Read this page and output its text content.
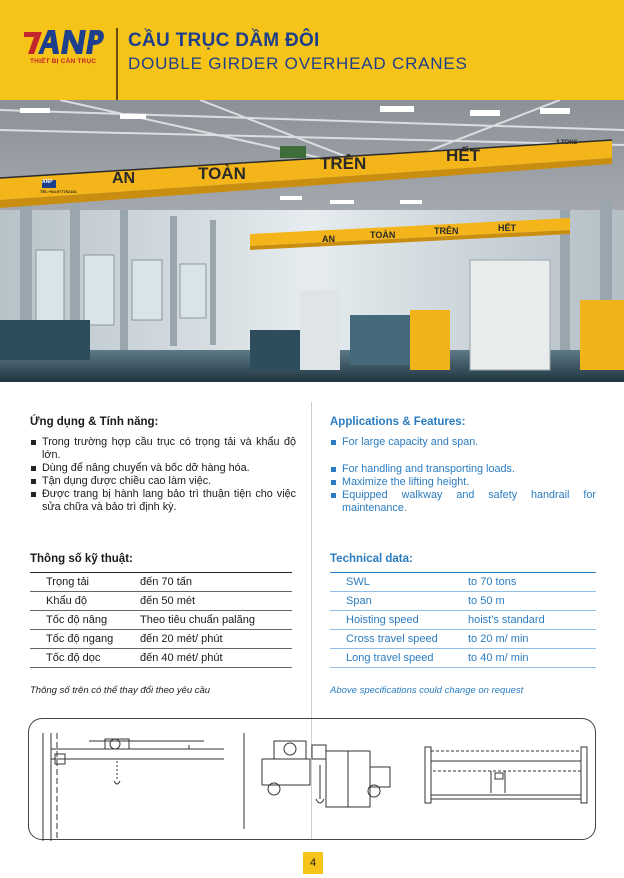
THIẾT BỊ CẦN TRỤC
CẦU TRỤC DẦM ĐÔI
DOUBLE GIRDER OVERHEAD CRANES
AN	TOÀN
TRÊN	HẾT
3 TONS
ANP
TEL:+84.977752181
AN	TOÀN	TRÊN	HẾT
Ứng dụng & Tính năng:
Trong trường hợp cầu trục có trọng tải và khẩu độ lớn.
Dùng để nâng chuyển và bốc dỡ hàng hóa.
Tận dụng được chiều cao làm việc.
Được trang bị hành lang bảo trì thuận tiện cho việc sửa chữa và bảo trì định kỳ.
Applications & Features:
For large capacity and span.
For handling and transporting loads.
Maximize the lifting height.
Equipped walkway and safety handrail for maintenance.
Thông số kỹ thuật:
Trọng tải	đến 70 tấn
Khẩu độ	đến 50 mét
Tốc độ nâng	Theo tiêu chuẩn palăng
Tốc độ ngang	đến 20 mét/ phút
Tốc độ dọc	đến 40 mét/ phút
Thông số trên có thể thay đổi theo yêu cầu
Technical data:
SWL	to 70 tons
Span	to 50 m
Hoisting speed	hoist's standard
Cross travel speed	to 20 m/ min
Long travel speed	to 40 m/ min
Above specifications could change on request
4
